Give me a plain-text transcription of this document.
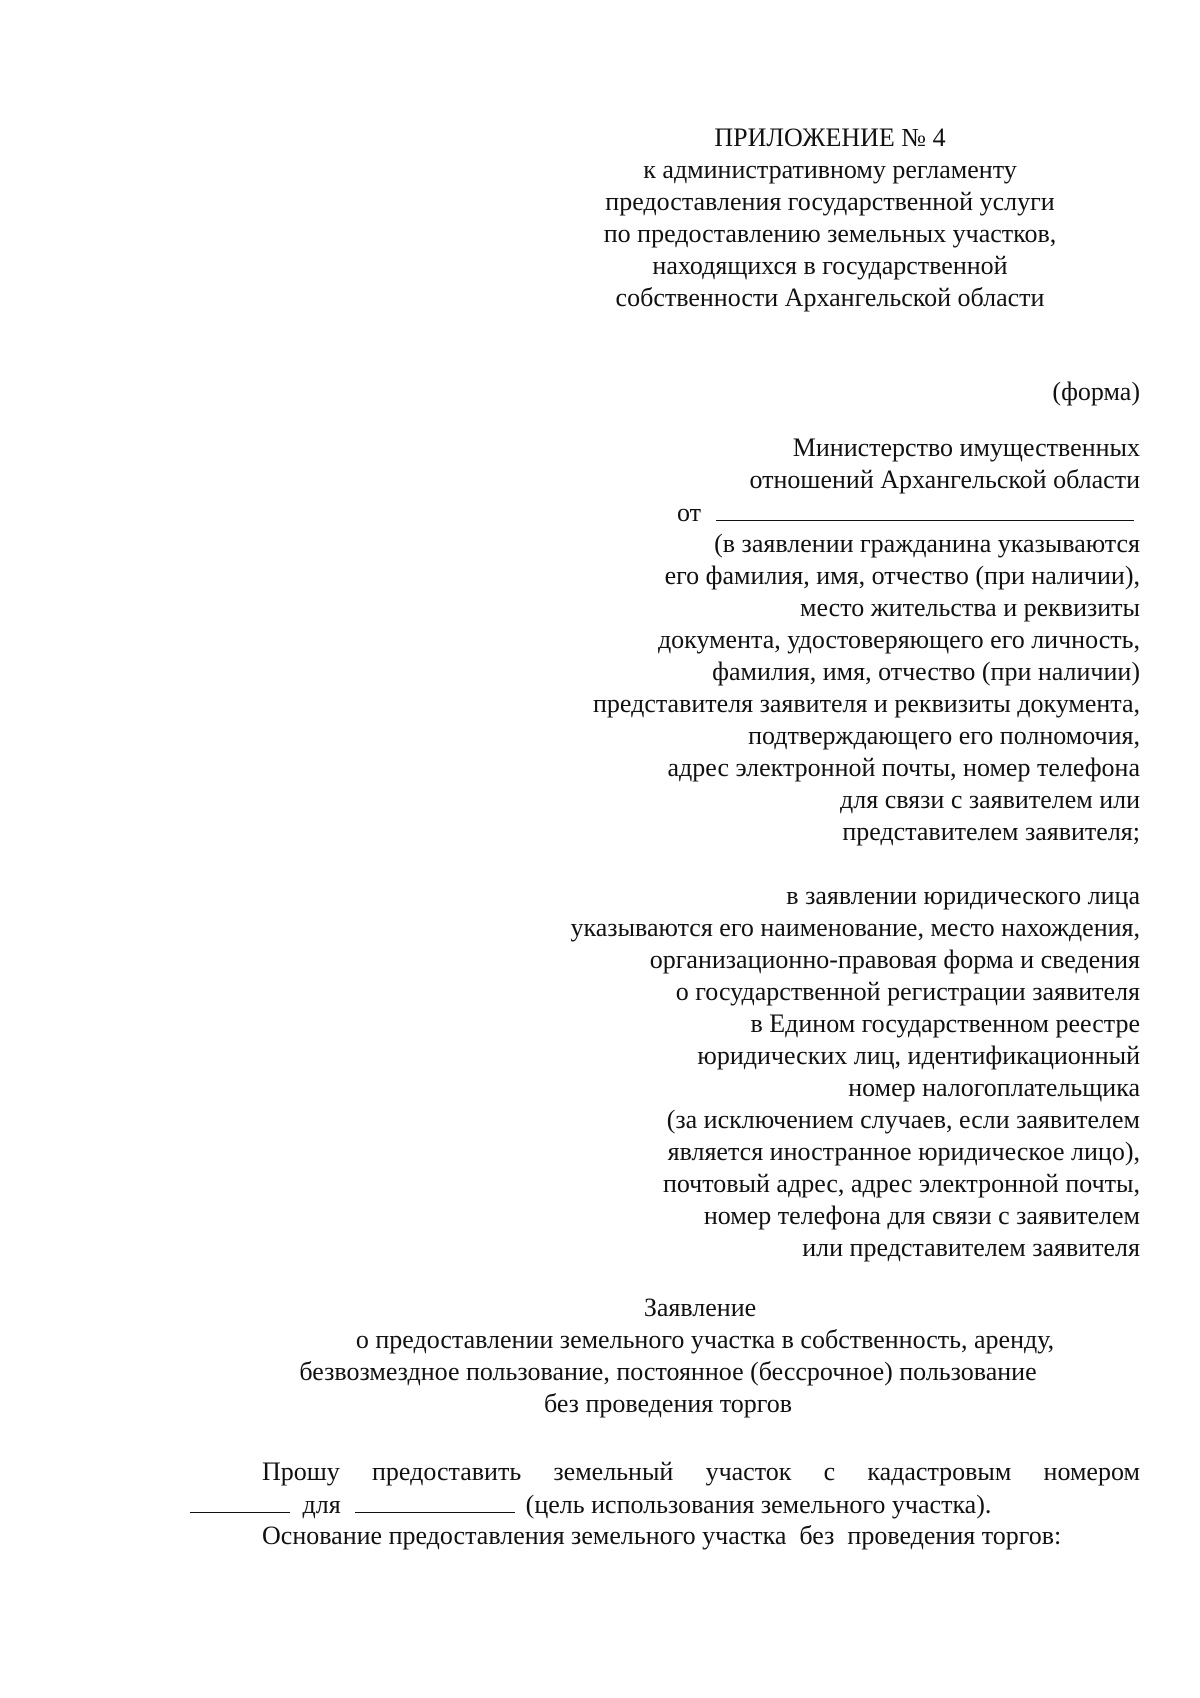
ПРИЛОЖЕНИЕ № 4
к административному регламенту
предоставления государственной услуги
по предоставлению земельных участков,
находящихся в государственной
собственности Архангельской области
(форма)
Министерство имущественных
отношений Архангельской области
от
(в заявлении гражданина указываются
его фамилия, имя, отчество (при наличии),
место жительства и реквизиты
документа, удостоверяющего его личность,
фамилия, имя, отчество (при наличии)
представителя заявителя и реквизиты документа,
подтверждающего его полномочия,
адрес электронной почты, номер телефона
для связи с заявителем или
представителем заявителя;
в заявлении юридического лица
указываются его наименование, место нахождения,
организационно-правовая форма и сведения
о государственной регистрации заявителя
в Едином государственном реестре
юридических лиц, идентификационный
номер налогоплательщика
(за исключением случаев, если заявителем
является иностранное юридическое лицо),
почтовый адрес, адрес электронной почты,
номер телефона для связи с заявителем
или представителем заявителя
Заявление
о предоставлении земельного участка в собственность, аренду,
безвозмездное пользование, постоянное (бессрочное) пользование
без проведения торгов
Прошу предоставить земельный участок с кадастровым номером
для	(цель использования земельного участка).
Основание предоставления земельного участка  без  проведения торгов:
